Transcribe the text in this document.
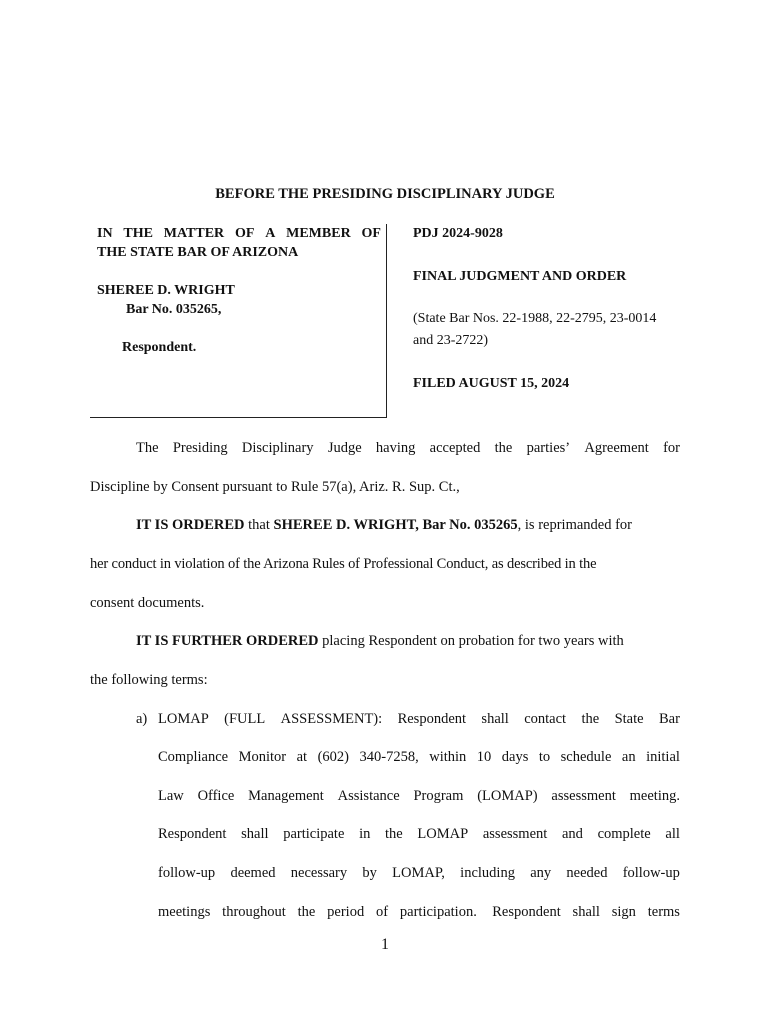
BEFORE THE PRESIDING DISCIPLINARY JUDGE
IN THE MATTER OF A MEMBER OF
THE STATE BAR OF ARIZONA
SHEREE D. WRIGHT
Bar No. 035265,
Respondent.
PDJ 2024-9028
FINAL JUDGMENT AND ORDER
(State Bar Nos. 22-1988, 22-2795, 23-0014
and 23-2722)
FILED AUGUST 15, 2024
The Presiding Disciplinary Judge having accepted the parties’ Agreement for
Discipline by Consent pursuant to Rule 57(a), Ariz. R. Sup. Ct.,
IT IS ORDERED that SHEREE D. WRIGHT, Bar No. 035265, is reprimanded for
her conduct in violation of the Arizona Rules of Professional Conduct, as described in the
consent documents.
IT IS FURTHER ORDERED placing Respondent on probation for two years with
the following terms:
a) LOMAP (FULL ASSESSMENT): Respondent shall contact the State Bar
Compliance Monitor at (602) 340-7258, within 10 days to schedule an initial
Law Office Management Assistance Program (LOMAP) assessment meeting.
Respondent shall participate in the LOMAP assessment and complete all
follow-up deemed necessary by LOMAP, including any needed follow-up
meetings throughout the period of participation. Respondent shall sign terms
1
